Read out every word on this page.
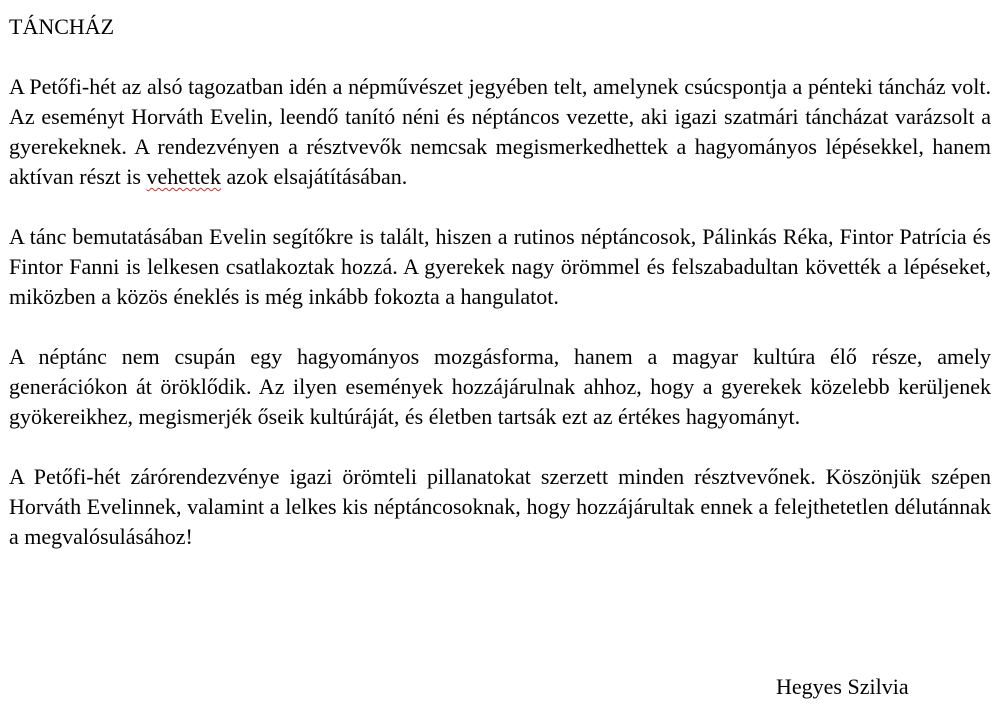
TÁNCHÁZ

A Petőfi-hét az alsó tagozatban idén a népművészet jegyében telt, amelynek csúcspontja a pénteki táncház volt. Az eseményt Horváth Evelin, leendő tanító néni és néptáncos vezette, aki igazi szatmári táncházat varázsolt a gyerekeknek. A rendezvényen a résztvevők nemcsak megismerkedhettek a hagyományos lépésekkel, hanem aktívan részt is vehettek azok elsajátításában.

A tánc bemutatásában Evelin segítőkre is talált, hiszen a rutinos néptáncosok, Pálinkás Réka, Fintor Patrícia és Fintor Fanni is lelkesen csatlakoztak hozzá. A gyerekek nagy örömmel és felszabadultan követték a lépéseket, miközben a közös éneklés is még inkább fokozta a hangulatot.

A néptánc nem csupán egy hagyományos mozgásforma, hanem a magyar kultúra élő része, amely generációkon át öröklődik. Az ilyen események hozzájárulnak ahhoz, hogy a gyerekek közelebb kerüljenek gyökereikhez, megismerjék őseik kultúráját, és életben tartsák ezt az értékes hagyományt.

A Petőfi-hét zárórendezvénye igazi örömteli pillanatokat szerzett minden résztvevőnek. Köszönjük szépen Horváth Evelinnek, valamint a lelkes kis néptáncosoknak, hogy hozzájárultak ennek a felejthetetlen délutánnak a megvalósulásához!

Hegyes Szilvia
